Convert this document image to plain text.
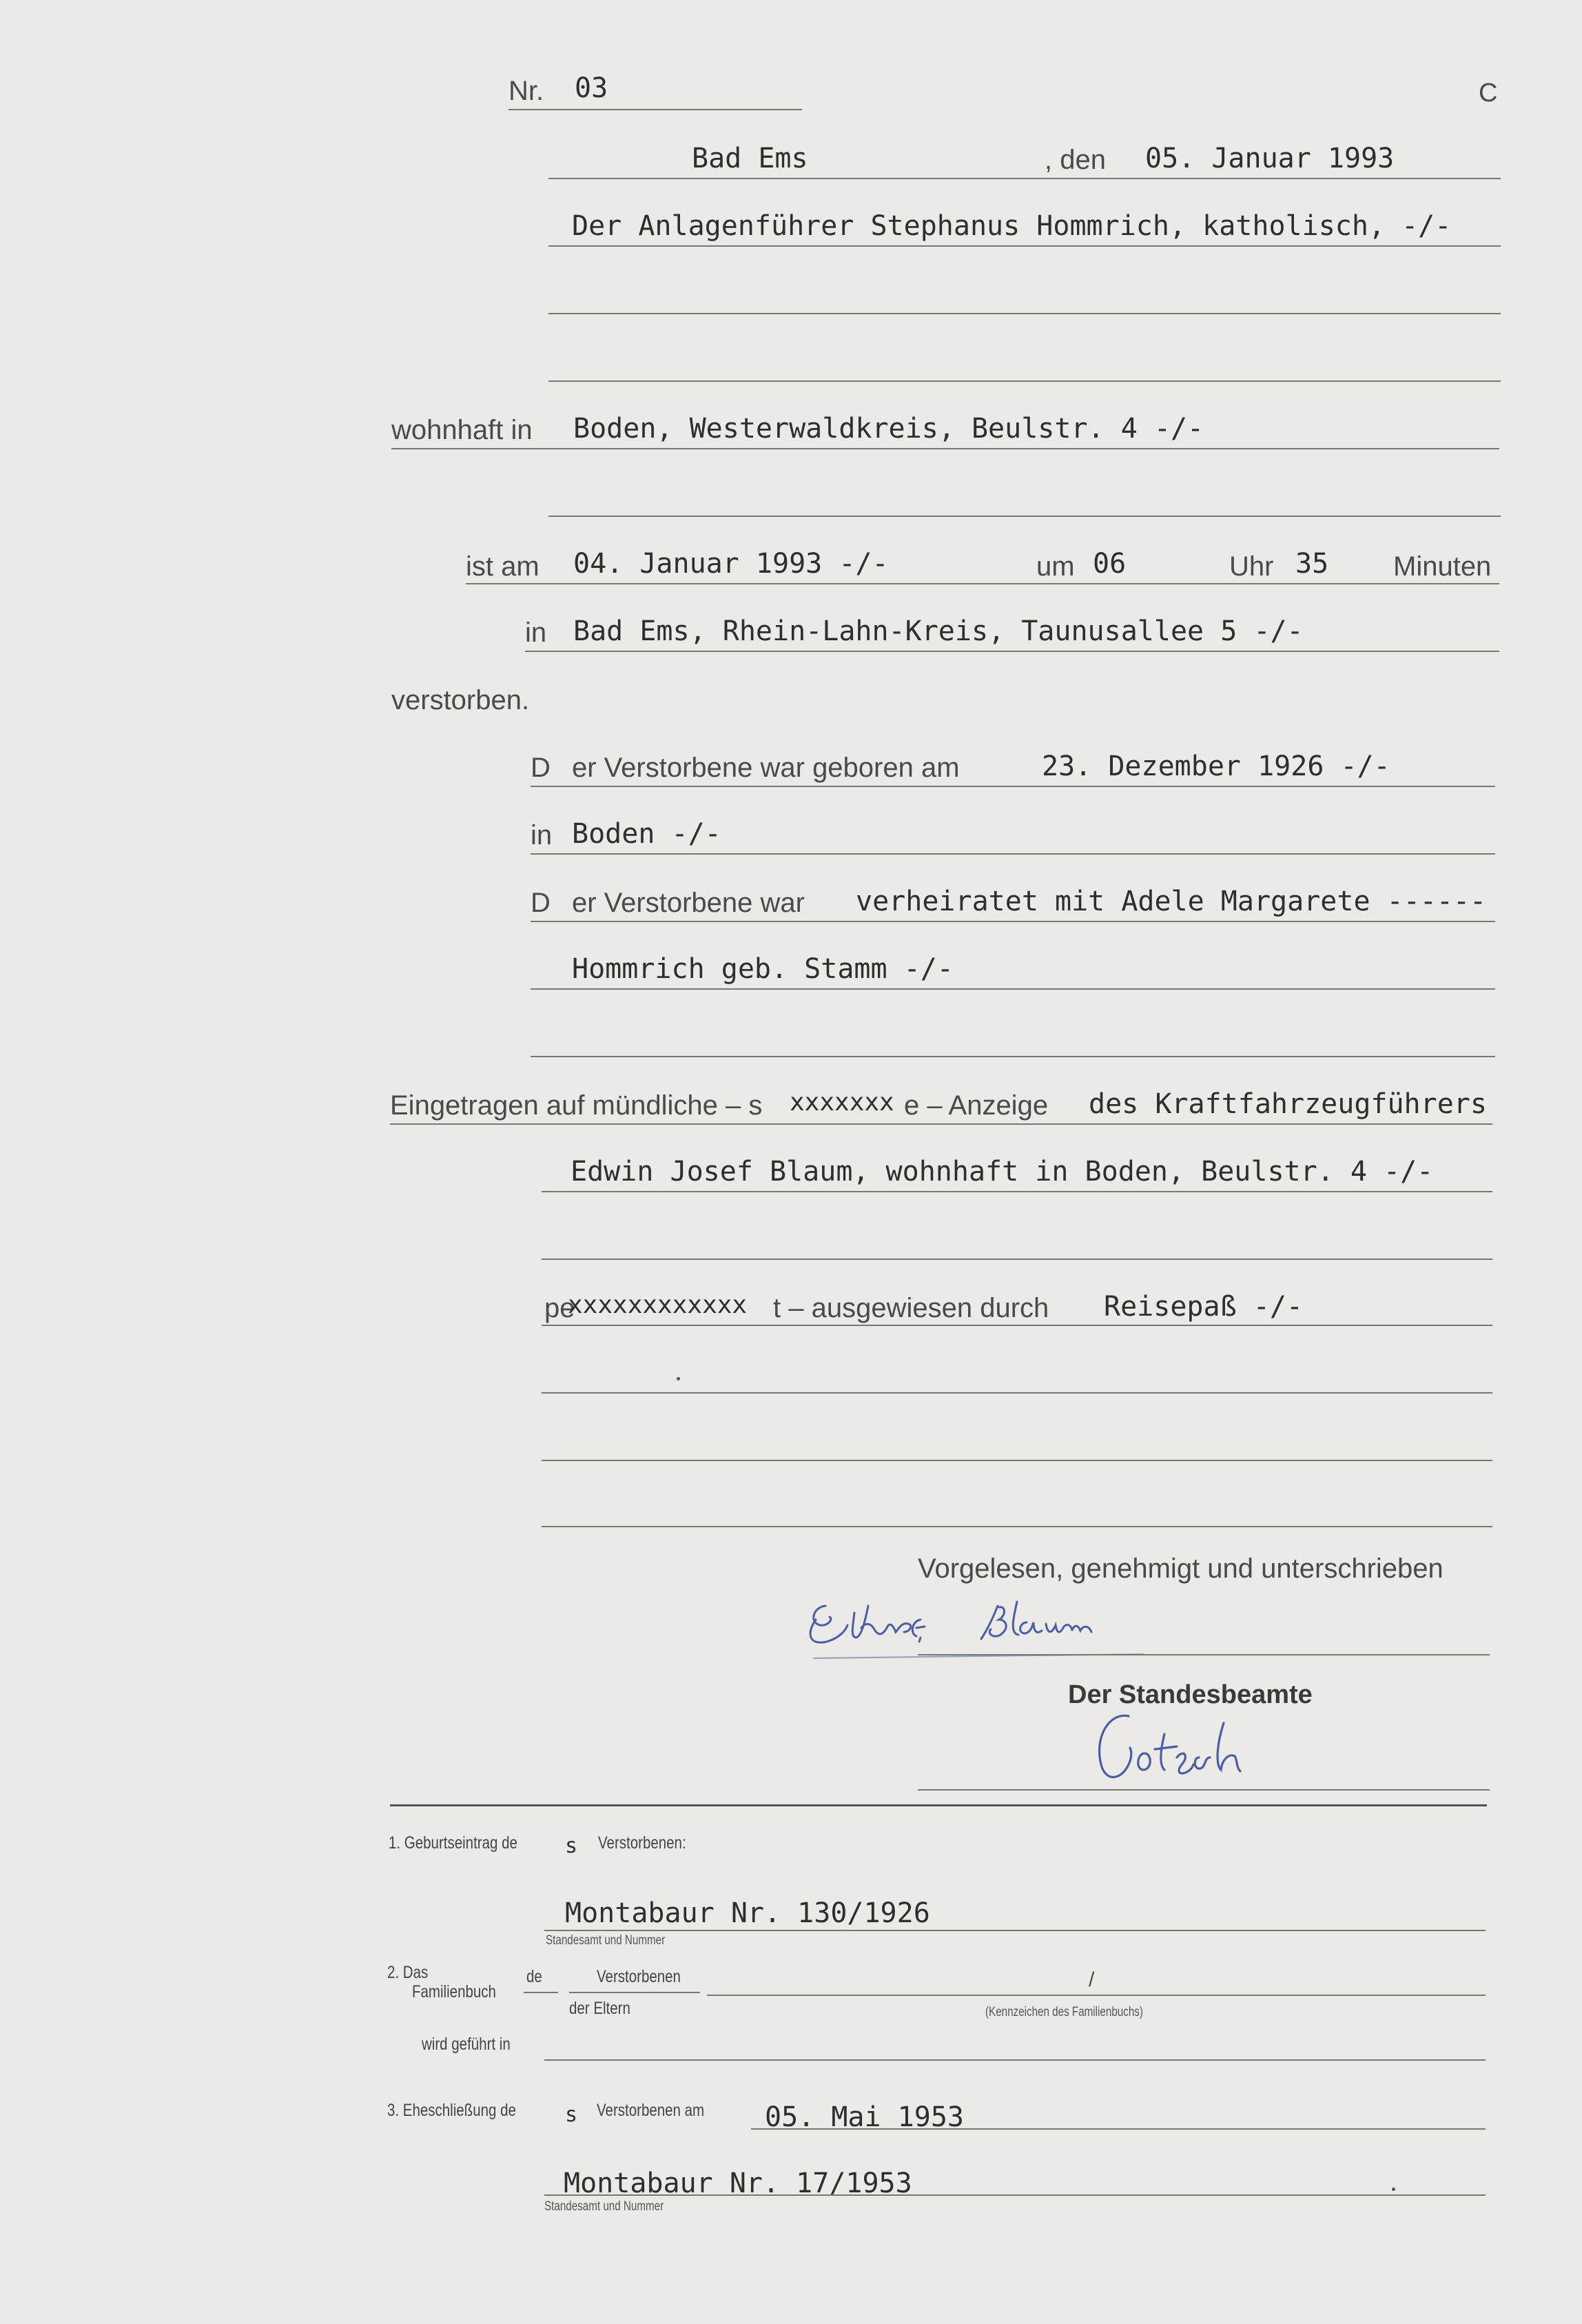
Nr. 03	C
Bad Ems	, den 05. Januar 1993
Der Anlagenführer Stephanus Hommrich, katholisch, -/-
wohnhaft in Boden, Westerwaldkreis, Beulstr. 4 -/-
ist am 04. Januar 1993 -/-	um 06	Uhr 35 Minuten
in Bad Ems, Rhein-Lahn-Kreis, Taunusallee 5 -/-
verstorben.
D er Verstorbene war geboren am	23. Dezember 1926 -/-
in Boden -/-
D er Verstorbene war verheiratet mit Adele Margarete ------
Hommrich geb. Stamm -/-
Eingetragen auf mündliche – s xxxxxxx e – Anzeige des Kraftfahrzeugführers
Edwin Josef Blaum, wohnhaft in Boden, Beulstr. 4 -/-
pe
xxxxxxxxxxxx t – ausgewiesen durch Reisepaß -/-
Vorgelesen, genehmigt und unterschrieben
Der Standesbeamte
1. Geburtseintrag de s Verstorbenen:
Montabaur Nr. 130/1926
Standesamt und Nummer
2. Das
Familienbuch
de	Verstorbenen
der Eltern
/
(Kennzeichen des Familienbuchs)
wird geführt in
3. Eheschließung de s Verstorbenen am 05. Mai 1953
Montabaur Nr. 17/1953
Standesamt und Nummer
